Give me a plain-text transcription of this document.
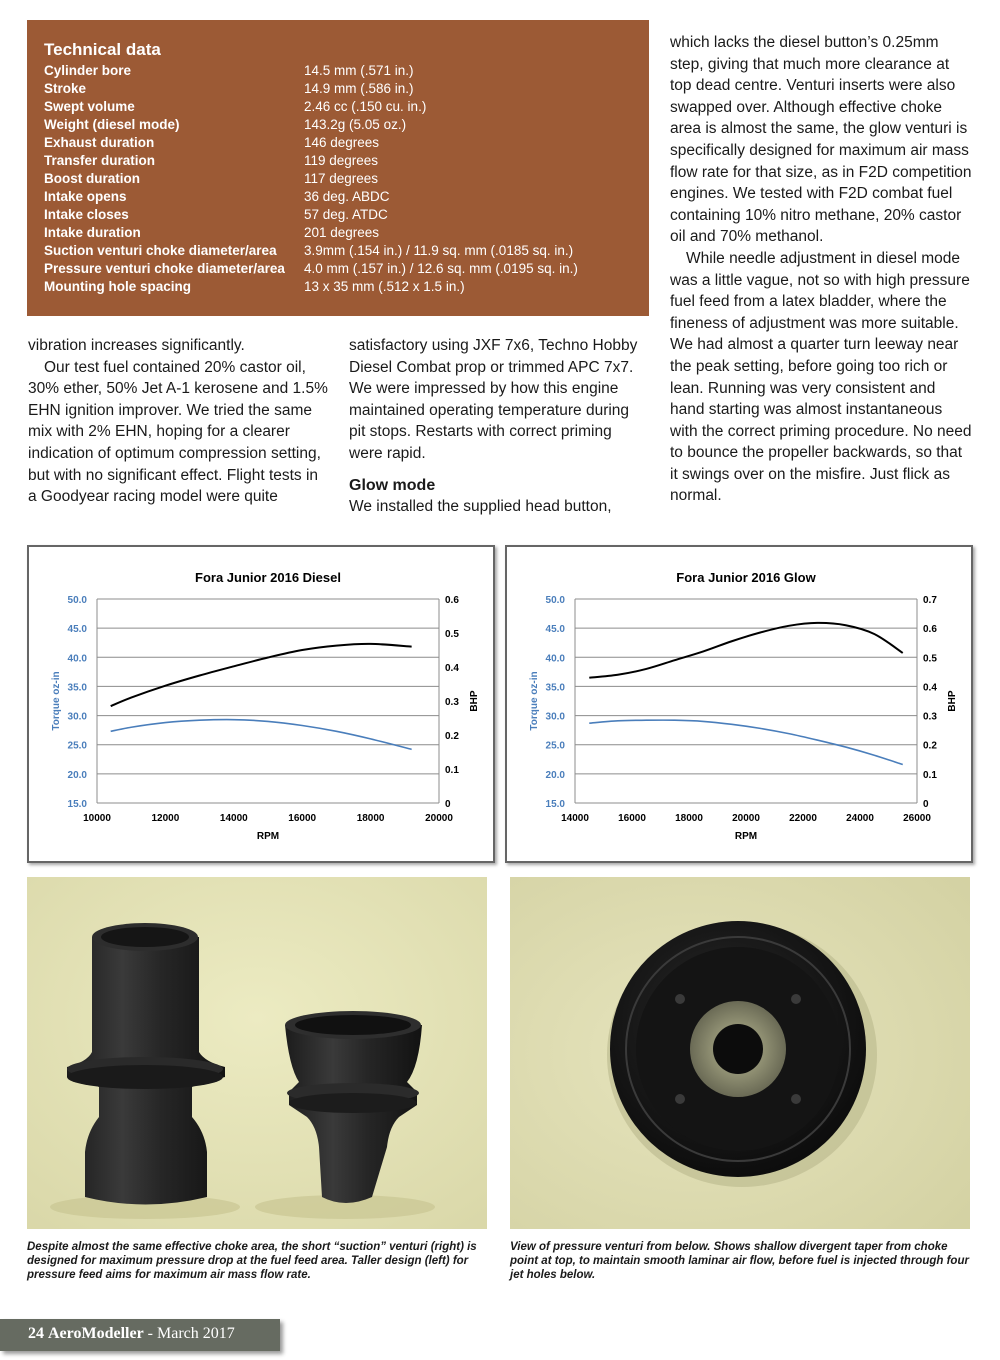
Technical data
Cylinder bore	14.5 mm (.571 in.)
Stroke	14.9 mm (.586 in.)
Swept volume	2.46 cc (.150 cu. in.)
Weight (diesel mode)	143.2g (5.05 oz.)
Exhaust duration	146 degrees
Transfer duration	119 degrees
Boost duration	117 degrees
Intake opens	36 deg. ABDC
Intake closes	57 deg. ATDC
Intake duration	201 degrees
Suction venturi choke diameter/area 3.9mm (.154 in.) / 11.9 sq. mm (.0185 sq. in.)
Pressure venturi choke diameter/area 4.0 mm (.157 in.) / 12.6 sq. mm (.0195 sq. in.)
Mounting hole spacing	13 x 35 mm (.512 x 1.5 in.)

vibration increases significantly.

Our test fuel contained 20% castor oil, 30% ether, 50% Jet A-1 kerosene and 1.5% EHN ignition improver. We tried the same mix with 2% EHN, hoping for a clearer indication of optimum compression setting, but with no significant effect. Flight tests in a Goodyear racing model were quite

satisfactory using JXF 7x6, Techno Hobby Diesel Combat prop or trimmed APC 7x7. We were impressed by how this engine maintained operating temperature during pit stops. Restarts with correct priming were rapid.

Glow mode

We installed the supplied head button,

which lacks the diesel button’s 0.25mm step, giving that much more clearance at top dead centre. Venturi inserts were also swapped over. Although effective choke area is almost the same, the glow venturi is specifically designed for maximum air mass flow rate for that size, as in F2D competition engines. We tested with F2D combat fuel containing 10% nitro methane, 20% castor oil and 70% methanol.

While needle adjustment in diesel mode was a little vague, not so with high pressure fuel feed from a latex bladder, where the fineness of adjustment was more suitable. We had almost a quarter turn leeway near the peak setting, before going too rich or lean. Running was very consistent and hand starting was almost instantaneous with the correct priming procedure. No need to bounce the propeller backwards, so that it swings over on the misfire. Just flick as normal.

Fora Junior 2016 Diesel
15.0
20.0
25.0
30.0
35.0
40.0
45.0
50.0
0
0.1
0.2
0.3
0.4
0.5
0.6
10000	12000	14000	16000	18000	20000
RPM
Torque oz-in	BHP
Fora Junior 2016 Glow
15.0
20.0
25.0
30.0
35.0
40.0
45.0
50.0
0
0.1
0.2
0.3
0.4
0.5
0.6
0.7
14000	16000	18000	20000	22000	24000	26000
RPM
Torque oz-in	BHP
Despite almost the same effective choke area, the short “suction” venturi (right) is designed for maximum pressure drop at the fuel feed area. Taller design (left) for pressure feed aims for maximum air mass flow rate.
View of pressure venturi from below. Shows shallow divergent taper from choke point at top, to maintain smooth laminar air flow, before fuel is injected through four jet holes below.
24 AeroModeller - March 2017
